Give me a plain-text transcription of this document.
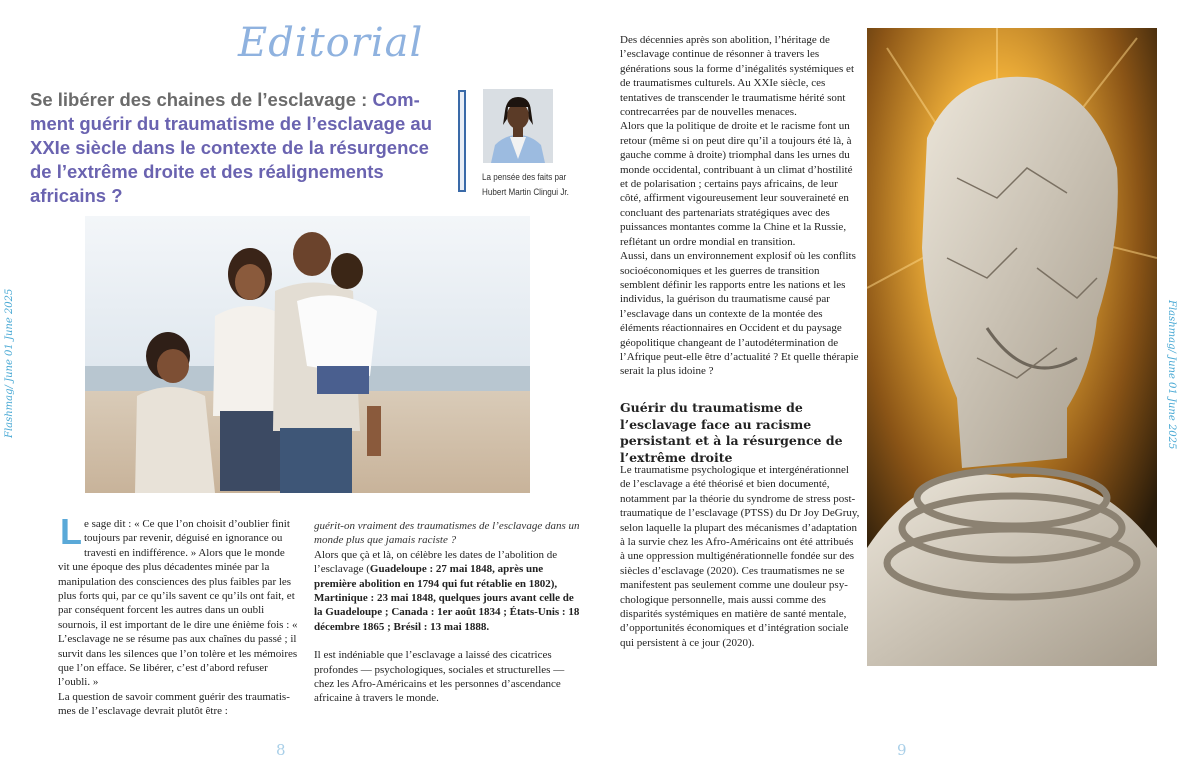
Editorial
Se libérer des chaines de l’esclavage : Comment guérir du traumatisme de l’esclavage au XXIe siècle dans le contexte de la résurgence de l’extrême droite et des réalignements africains ?
La pensée des faits par Hubert Martin Clingui Jr.
Flashmag/ June 01 June 2025	Flashmag/ June 01 June 2025

Le sage dit : « Ce que l’on choisit d’oublier finit toujours par revenir, déguisé en ignorance ou travesti en indifférence. » Alors que le monde vit une époque des plus décadentes minée par la manipulation des consciences des plus faibles par les plus forts qui, par ce qu’ils savent ce qu’ils ont fait, et par conséquent forcent les autres dans un oubli sournois, il est important de le dire une énième fois : « L’esclavage ne se résume pas aux chaînes du passé ; il survit dans les silences que l’on tolère et les mémoires que l’on efface. Se libérer, c’est d’abord refuser l’oubli. »

La question de savoir comment guérir des traumatismes de l’esclavage devrait plutôt être :

guérit-on vraiment des traumatismes de l’esclavage dans un monde plus que jamais raciste ?

Alors que çà et là, on célèbre les dates de l’abolition de l’esclavage (Guadeloupe : 27 mai 1848, après une première abolition en 1794 qui fut rétablie en 1802), Martinique : 23 mai 1848, quelques jours avant celle de la Guadeloupe ; Canada : 1er août 1834 ; États-Unis : 18 décembre 1865 ; Brésil : 13 mai 1888.

Il est indéniable que l’esclavage a laissé des cicatrices profondes — psychologiques, sociales et structurelles — chez les Afro-Américains et les personnes d’ascendance africaine à travers le monde.

Des décennies après son abolition, l’héritage de l’esclavage continue de résonner à travers les générations sous la forme d’inégalités systémiques et de traumatismes culturels. Au XXIe siècle, ces tentatives de transcender le traumatisme hérité sont contrecarrées par de nouvelles menaces.

Alors que la politique de droite et le racisme font un retour (même si on peut dire qu’il a toujours été là, à gauche comme à droite) triomphal dans les urnes du monde occidental, contribuant à un climat d’hostilité et de polarisation ; certains pays africains, de leur côté, affirment vigoureusement leur souveraineté en concluant des partenariats stratégiques avec des puissances montantes comme la Chine et la Russie, reflétant un ordre mondial en transition.

Aussi, dans un environnement explosif où les conflits socioéconomiques et les guerres de transition semblent définir les rapports entre les nations et les individus, la guérison du traumatisme causé par l’esclavage dans un contexte de la montée des éléments réactionnaires en Occident et du paysage géopolitique changeant de l’autodétermination de l’Afrique peut-elle être d’actualité ? Et quelle thérapie serait la plus idoine ?

Guérir du traumatisme de l’esclavage face au racisme persistant et à la résurgence de l’extrême droite

Le traumatisme psychologique et intergénérationnel de l’esclavage a été théorisé et bien documenté, notamment par la théorie du syndrome de stress post-traumatique de l’esclavage (PTSS) du Dr Joy DeGruy, selon laquelle la plupart des mécanismes d’adaptation à la survie chez les Afro-Américains ont été attribués à une oppression multigénérationnelle fondée sur des siècles d’esclavage (2020). Ces traumatismes ne se manifestent pas seulement comme une douleur psychologique personnelle, mais aussi comme des disparités systémiques en matière de santé mentale, d’opportunités économiques et d’intégration sociale qui persistent à ce jour (2020).

8	9
